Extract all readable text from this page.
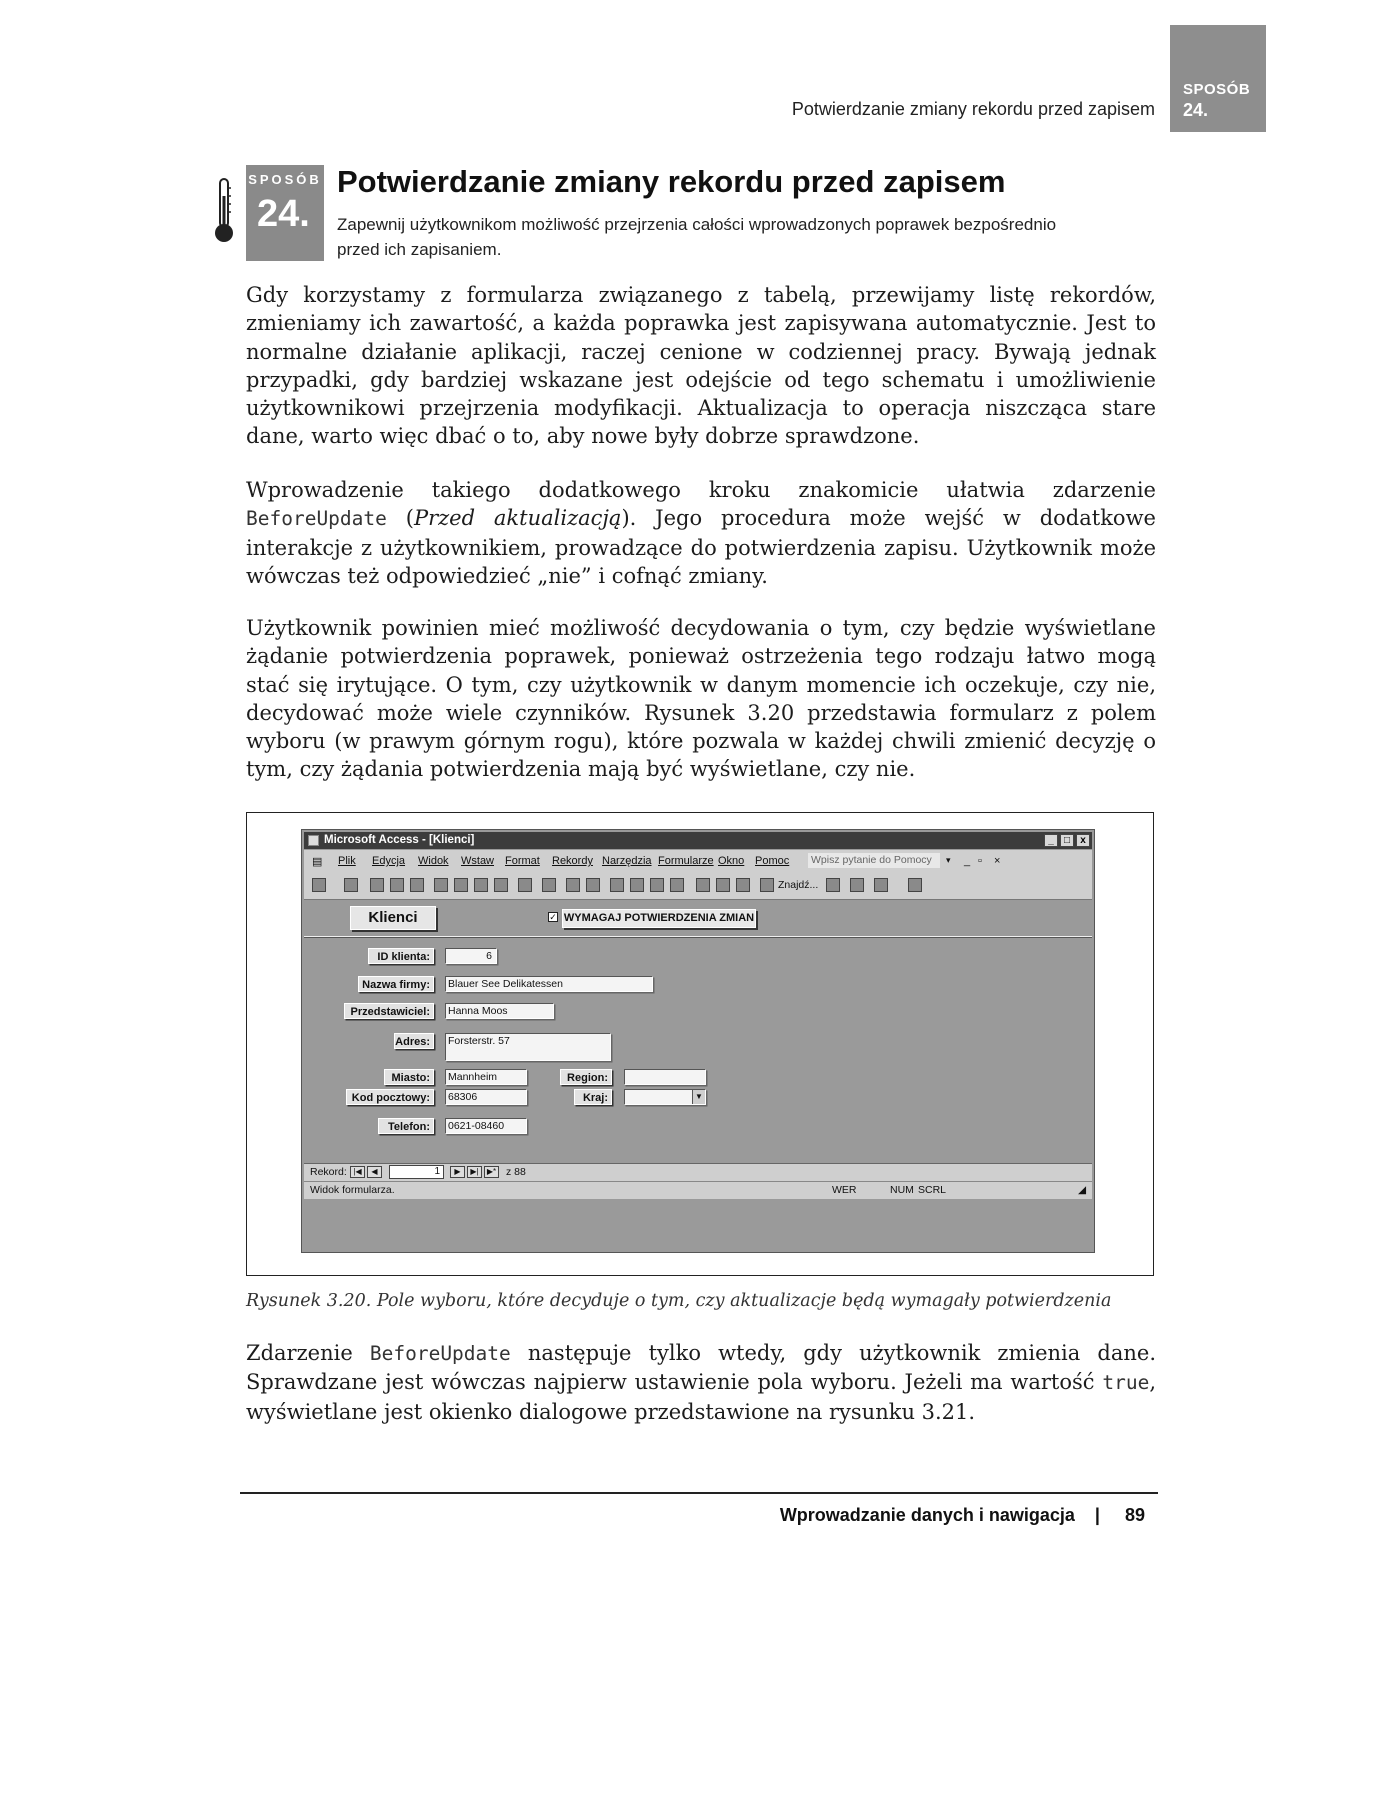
Potwierdzanie zmiany rekordu przed zapisem
SPOSÓB
24.
SPOSÓB
24.
Potwierdzanie zmiany rekordu przed zapisem
Zapewnij użytkownikom możliwość przejrzenia całości wprowadzonych poprawek bezpośrednio przed ich zapisaniem.
Gdy korzystamy z formularza związanego z tabelą, przewijamy listę rekordów, zmieniamy ich zawartość, a każda poprawka jest zapisywana automatycznie. Jest to normalne działanie aplikacji, raczej cenione w codziennej pracy. Bywają jednak przypadki, gdy bardziej wskazane jest odejście od tego schematu i umożliwienie użytkownikowi przejrzenia modyfikacji. Aktualizacja to operacja niszcząca stare dane, warto więc dbać o to, aby nowe były dobrze sprawdzone.
Wprowadzenie takiego dodatkowego kroku znakomicie ułatwia zdarzenie BeforeUpdate (Przed aktualizacją). Jego procedura może wejść w dodatkowe interakcje z użytkownikiem, prowadzące do potwierdzenia zapisu. Użytkownik może wówczas też odpowiedzieć „nie” i cofnąć zmiany.
Użytkownik powinien mieć możliwość decydowania o tym, czy będzie wyświetlane żądanie potwierdzenia poprawek, ponieważ ostrzeżenia tego rodzaju łatwo mogą stać się irytujące. O tym, czy użytkownik w danym momencie ich oczekuje, czy nie, decydować może wiele czynników. Rysunek 3.20 przedstawia formularz z polem wyboru (w prawym górnym rogu), które pozwala w każdej chwili zmienić decyzję o tym, czy żądania potwierdzenia mają być wyświetlane, czy nie.
Microsoft Access - [Klienci]	_	□	x
▤ Plik Edycja Widok Wstaw Format Rekordy Narzędzia Formularze Okno Pomoc Wpisz pytanie do Pomocy	▾ _ ▫ ×
Znajdź...
Klienci	✓ WYMAGAJ POTWIERDZENIA ZMIAN
ID klienta:	6
Nazwa firmy:	Blauer See Delikatessen
Przedstawiciel:	Hanna Moos
Adres:	Forsterstr. 57
Miasto:	Mannheim	Region:
Kod pocztowy:	68306	Kraj:	▼
Telefon:	0621-08460
Rekord: |◀	◀	1	▶	▶|	▶* z 88
Widok formularza.	WER	NUM SCRL	◢
Rysunek 3.20. Pole wyboru, które decyduje o tym, czy aktualizacje będą wymagały potwierdzenia
Zdarzenie BeforeUpdate następuje tylko wtedy, gdy użytkownik zmienia dane. Sprawdzane jest wówczas najpierw ustawienie pola wyboru. Jeżeli ma wartość true, wyświetlane jest okienko dialogowe przedstawione na rysunku 3.21.
Wprowadzanie danych i nawigacja | 89
